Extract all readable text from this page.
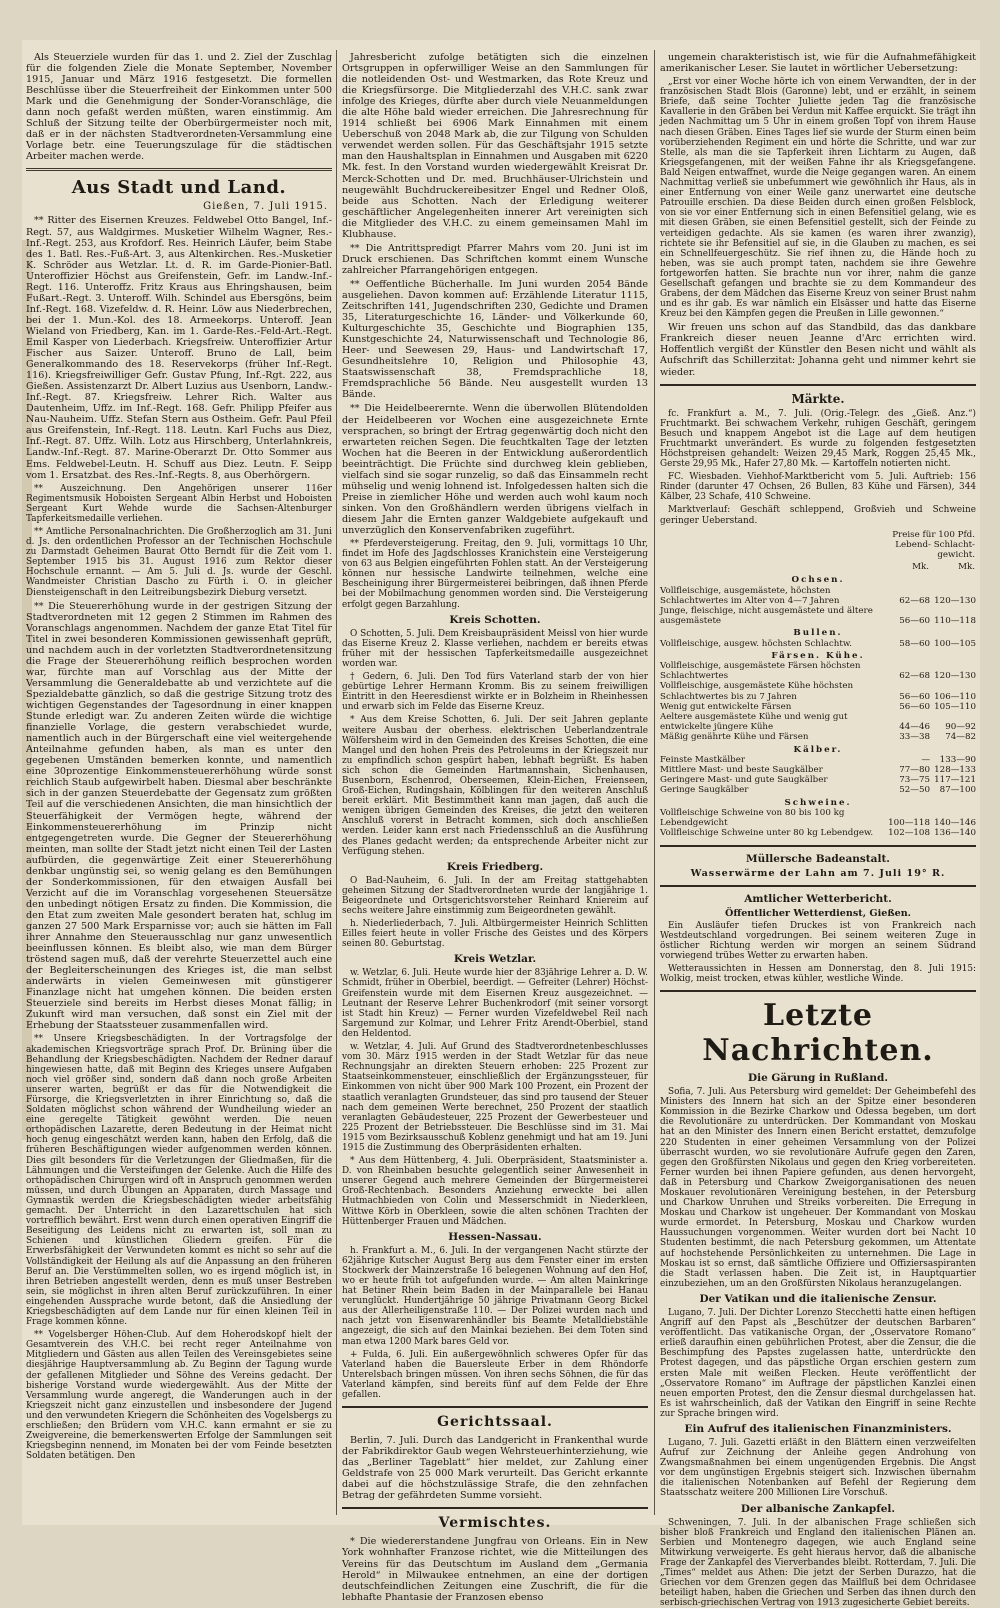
Als Steuerziele wurden für das 1. und 2. Ziel der Zuschlag für die folgenden Ziele die Monate September, November 1915, Januar und März 1916 festgesetzt. Die formellen Beschlüsse über die Steuerfreiheit der Einkommen unter 500 Mark und die Genehmigung der Sonder-Voranschläge, die dann noch gefaßt werden müßten, waren einstimmig. Am Schluß der Sitzung teilte der Oberbürgermeister noch mit, daß er in der nächsten Stadtverordneten-Versammlung eine Vorlage betr. eine Teuerungszulage für die städtischen Arbeiter machen werde.

Aus Stadt und Land.
Gießen, 7. Juli 1915.

** Ritter des Eisernen Kreuzes. Feldwebel Otto Bangel, Inf.-Regt. 57, aus Waldgirmes. Musketier Wilhelm Wagner, Res.-Inf.-Regt. 253, aus Krofdorf. Res. Heinrich Läufer, beim Stabe des 1. Batl. Res.-Fuß-Art. 3, aus Altenkirchen. Res.-Musketier K. Schröder aus Wetzlar. Lt. d. R. im Garde-Pionier-Batl. Unteroffizier Höchst aus Greifenstein, Gefr. im Landw.-Inf.-Regt. 116. Unteroffz. Fritz Kraus aus Ehringshausen, beim Fußart.-Regt. 3. Unteroff. Wilh. Schindel aus Ebersgöns, beim Inf.-Regt. 168. Vizefeldw. d. R. Heinr. Löw aus Niederbrechen, bei der 1. Mun.-Kol. des 18. Armeekorps. Unteroff. Jean Wieland von Friedberg, Kan. im 1. Garde-Res.-Feld-Art.-Regt. Emil Kasper von Liederbach. Kriegsfreiw. Unteroffizier Artur Fischer aus Saizer. Unteroff. Bruno de Lall, beim Generalkommando des 18. Reservekorps (früher Inf.-Regt. 116). Kriegsfreiwilliger Gefr. Gustav Pfung, Inf.-Rgt. 222, aus Gießen. Assistenzarzt Dr. Albert Luzius aus Usenborn, Landw.-Inf.-Regt. 87. Kriegsfreiw. Lehrer Rich. Walter aus Dautenheim, Uffz. im Inf.-Regt. 168. Gefr. Philipp Pfeifer aus Nau-Nauheim. Uffz. Stefan Stern aus Ostheim. Gefr. Paul Pfeil aus Greifenstein, Inf.-Regt. 118. Leutn. Karl Fuchs aus Diez, Inf.-Regt. 87. Uffz. Wilh. Lotz aus Hirschberg, Unterlahnkreis, Landw.-Inf.-Regt. 87. Marine-Oberarzt Dr. Otto Sommer aus Ems. Feldwebel-Leutn. H. Schuff aus Diez. Leutn. F. Seipp vom 1. Ersatzbat. des Res.-Inf.-Regts. 8, aus Oberhörgern.

** Auszeichnung. Den Angehörigen unserer 116er Regimentsmusik Hoboisten Sergeant Albin Herbst und Hoboisten Sergeant Kurt Wehde wurde die Sachsen-Altenburger Tapferkeitsmedaille verliehen.

** Amtliche Personalnachrichten. Die Großherzoglich am 31. Juni d. Js. den ordentlichen Professor an der Technischen Hochschule zu Darmstadt Geheimen Baurat Otto Berndt für die Zeit vom 1. September 1915 bis 31. August 1916 zum Rektor dieser Hochschule ernannt. — Am 5. Juli d. Js. wurde der Geschl. Wandmeister Christian Dascho zu Fürth i. O. in gleicher Diensteigenschaft in den Leitreibungsbezirk Dieburg versetzt.

** Die Steuererhöhung wurde in der gestrigen Sitzung der Stadtverordneten mit 12 gegen 2 Stimmen im Rahmen des Voranschlags angenommen. Nachdem der ganze Etat Titel für Titel in zwei besonderen Kommissionen gewissenhaft geprüft, und nachdem auch in der vorletzten Stadtverordnetensitzung die Frage der Steuererhöhung reiflich besprochen worden war, fürchte man auf Vorschlag aus der Mitte der Versammlung die Generaldebatte ab und verzichtete auf die Spezialdebatte gänzlich, so daß die gestrige Sitzung trotz des wichtigen Gegenstandes der Tagesordnung in einer knappen Stunde erledigt war. Zu anderen Zeiten würde die wichtige finanzielle Vorlage, die gestern verabschiedet wurde, namentlich auch in der Bürgerschaft eine viel weitergehende Anteilnahme gefunden haben, als man es unter den gegebenen Umständen bemerken konnte, und namentlich eine 30prozentige Einkommensteuererhöhung würde sonst reichlich Staub aufgewirbelt haben. Diesmal aber beschränkte sich in der ganzen Steuerdebatte der Gegensatz zum größten Teil auf die verschiedenen Ansichten, die man hinsichtlich der Steuerfähigkeit der Vermögen hegte, während der Einkommensteuererhöhung im Prinzip nicht entgegengetreten wurde. Die Gegner der Steuererhöhung meinten, man sollte der Stadt jetzt nicht einen Teil der Lasten aufbürden, die gegenwärtige Zeit einer Steuererhöhung denkbar ungünstig sei, so wenig gelang es den Bemühungen der Sonderkommissionen, für den etwaigen Ausfall bei Verzicht auf die im Voranschlag vorgesehenen Steuersätze den unbedingt nötigen Ersatz zu finden. Die Kommission, die den Etat zum zweiten Male gesondert beraten hat, schlug im ganzen 27 500 Mark Ersparnisse vor; auch sie hätten im Fall ihrer Annahme den Steuerausschlag nur ganz unwesentlich beeinflussen können. Es bleibt also, wie man dem Bürger tröstend sagen muß, daß der verehrte Steuerzettel auch eine der Begleiterscheinungen des Krieges ist, die man selbst anderwärts in vielen Gemeinwesen mit günstigerer Finanzlage nicht hat umgehen können. Die beiden ersten Steuerziele sind bereits im Herbst dieses Monat fällig; in Zukunft wird man versuchen, daß sonst ein Ziel mit der Erhebung der Staatssteuer zusammenfallen wird.

** Unsere Kriegsbeschädigten. In der Vortragsfolge der akademischen Kriegsvorträge sprach Prof. Dr. Brüning über die Behandlung der Kriegsbeschädigten. Nachdem der Redner darauf hingewiesen hatte, daß mit Beginn des Krieges unsere Aufgaben noch viel größer sind, sondern daß dann noch große Arbeiten unserer warten, begrüßt er das für die Notwendigkeit die Fürsorge, die Kriegsverletzten in ihrer Einrichtung so, daß die Soldaten möglichst schon während der Wundheilung wieder an eine geregelte Tätigkeit gewöhnt werden. Die neuen orthopädischen Lazarette, deren Bedeutung in der Heimat nicht hoch genug eingeschätzt werden kann, haben den Erfolg, daß die früheren Beschäftigungen wieder aufgenommen werden können. Dies gilt besonders für die Verletzungen der Gliedmaßen, für die Lähmungen und die Versteifungen der Gelenke. Auch die Hilfe des orthopädischen Chirurgen wird oft in Anspruch genommen werden müssen, und durch Übungen an Apparaten, durch Massage und Gymnastik werden die Kriegsbeschädigten wieder arbeitsfähig gemacht. Der Unterricht in den Lazarettschulen hat sich vortrefflich bewährt. Erst wenn durch einen operativen Eingriff die Beseitigung des Leidens nicht zu erwarten ist, soll man zu Schienen und künstlichen Gliedern greifen. Für die Erwerbsfähigkeit der Verwundeten kommt es nicht so sehr auf die Vollständigkeit der Heilung als auf die Anpassung an den früheren Beruf an. Die Verstümmelten sollen, wo es irgend möglich ist, in ihren Betrieben angestellt werden, denn es muß unser Bestreben sein, sie möglichst in ihren alten Beruf zurückzuführen. In einer eingehenden Aussprache wurde betont, daß die Ansiedlung der Kriegsbeschädigten auf dem Lande nur für einen kleinen Teil in Frage kommen könne.

** Vogelsberger Höhen-Club. Auf dem Hoherodskopf hielt der Gesamtverein des V.H.C. bei recht reger Anteilnahme von Mitgliedern und Gästen aus allen Teilen des Vereinsgebietes seine diesjährige Hauptversammlung ab. Zu Beginn der Tagung wurde der gefallenen Mitglieder und Söhne des Vereins gedacht. Der bisherige Vorstand wurde wiedergewählt. Aus der Mitte der Versammlung wurde angeregt, die Wanderungen auch in der Kriegszeit nicht ganz einzustellen und insbesondere der Jugend und den verwundeten Kriegern die Schönheiten des Vogelsbergs zu erschließen; den Brüdern vom V.H.C. kann ermahnt er sie zu Zweigvereine, die bemerkenswerten Erfolge der Sammlungen seit Kriegsbeginn nennend, im Monaten bei der vom Feinde besetzten Soldaten betätigen. Den

Jahresbericht zufolge betätigten sich die einzelnen Ortsgruppen in opferwilliger Weise an den Sammlungen für die notleidenden Ost- und Westmarken, das Rote Kreuz und die Kriegsfürsorge. Die Mitgliederzahl des V.H.C. sank zwar infolge des Krieges, dürfte aber durch viele Neuanmeldungen die alte Höhe bald wieder erreichen. Die Jahresrechnung für 1914 schließt bei 6906 Mark Einnahmen mit einem Ueberschuß von 2048 Mark ab, die zur Tilgung von Schulden verwendet werden sollen. Für das Geschäftsjahr 1915 setzte man den Haushaltsplan in Einnahmen und Ausgaben mit 6220 Mk. fest. In den Vorstand wurden wiedergewählt Kreisrat Dr. Merck-Schotten und Dr. med. Bruchhäuser-Ulrichstein und neugewählt Buchdruckereibesitzer Engel und Redner Oloß, beide aus Schotten. Nach der Erledigung weiterer geschäftlicher Angelegenheiten innerer Art vereinigten sich die Mitglieder des V.H.C. zu einem gemeinsamen Mahl im Klubhause.

** Die Antrittspredigt Pfarrer Mahrs vom 20. Juni ist im Druck erschienen. Das Schriftchen kommt einem Wunsche zahlreicher Pfarrangehörigen entgegen.

** Oeffentliche Bücherhalle. Im Juni wurden 2054 Bände ausgeliehen. Davon kommen auf: Erzählende Literatur 1115, Zeitschriften 141, Jugendschriften 230, Gedichte und Dramen 35, Literaturgeschichte 16, Länder- und Völkerkunde 60, Kulturgeschichte 35, Geschichte und Biographien 135, Kunstgeschichte 24, Naturwissenschaft und Technologie 86, Heer- und Seewesen 29, Haus- und Landwirtschaft 17, Gesundheitslehre 10, Religion und Philosophie 43, Staatswissenschaft 38, Fremdsprachliche 18, Fremdsprachliche 56 Bände. Neu ausgestellt wurden 13 Bände.

** Die Heidelbeerernte. Wenn die überwollen Blütendolden der Heidelbeeren vor Wochen eine ausgezeichnete Ernte versprachen, so bringt der Ertrag gegenwärtig doch nicht den erwarteten reichen Segen. Die feuchtkalten Tage der letzten Wochen hat die Beeren in der Entwicklung außerordentlich beeinträchtigt. Die Früchte sind durchweg klein geblieben, vielfach sind sie sogar runzelig, so daß das Einsammeln recht mühselig und wenig lohnend ist. Infolgedessen halten sich die Preise in ziemlicher Höhe und werden auch wohl kaum noch sinken. Von den Großhändlern werden übrigens vielfach in diesem Jahr die Ernten ganzer Waldgebiete aufgekauft und unverzüglich den Konservenfabriken zugeführt.

** Pferdeversteigerung. Freitag, den 9. Juli, vormittags 10 Uhr, findet im Hofe des Jagdschlosses Kranichstein eine Versteigerung von 63 aus Belgien eingeführten Fohlen statt. An der Versteigerung können nur hessische Landwirte teilnehmen, welche eine Bescheinigung ihrer Bürgermeisterei beibringen, daß ihnen Pferde bei der Mobilmachung genommen worden sind. Die Versteigerung erfolgt gegen Barzahlung.

Kreis Schotten.

O Schotten, 5. Juli. Dem Kreisbaupräsident Meissl von hier wurde das Eiserne Kreuz 2. Klasse verliehen, nachdem er bereits etwas früher mit der hessischen Tapferkeitsmedaille ausgezeichnet worden war.

† Gedern, 6. Juli. Den Tod fürs Vaterland starb der von hier gebürtige Lehrer Hermann Kromm. Bis zu seinem freiwilligen Eintritt in den Heeresdienst wirkte er in Bolzheim in Rheinhessen und erwarb sich im Felde das Eiserne Kreuz.

* Aus dem Kreise Schotten, 6. Juli. Der seit Jahren geplante weitere Ausbau der oberhess. elektrischen Ueberlandzentrale Wölfersheim wird in den Gemeinden des Kreises Schotten, die eine Mangel und den hohen Preis des Petroleums in der Kriegszeit nur zu empfindlich schon gespürt haben, lebhaft begrüßt. Es haben sich schon die Gemeinden Hartmannshain, Sichenhausen, Busenborn, Eschenrod, Oberseemen, Klein-Eichen, Freienseen, Groß-Eichen, Rudingshain, Kölblingen für den weiteren Anschluß bereit erklärt. Mit Bestimmtheit kann man jagen, daß auch die wenigen übrigen Gemeinden des Kreises, die jetzt den weiteren Anschluß vorerst in Betracht kommen, sich doch anschließen werden. Leider kann erst nach Friedensschluß an die Ausführung des Planes gedacht werden; da entsprechende Arbeiter nicht zur Verfügung stehen.

Kreis Friedberg.

O Bad-Nauheim, 6. Juli. In der am Freitag stattgehabten geheimen Sitzung der Stadtverordneten wurde der langjährige 1. Beigeordnete und Ortsgerichtsvorsteher Reinhard Kniereim auf sechs weitere Jahre einstimmig zum Beigeordneten gewählt.

h. Niederliederbach, 7. Juli. Altbürgermeister Heinrich Schlitten Eilles feiert heute in voller Frische des Geistes und des Körpers seinen 80. Geburtstag.

Kreis Wetzlar.

w. Wetzlar, 6. Juli. Heute wurde hier der 83jährige Lehrer a. D. W. Schmidt, früher in Oberbiel, beerdigt. — Gefreiter (Lehrer) Höchst-Greifenstein wurde mit dem Eisernen Kreuz ausgezeichnet. — Leutnant der Reserve Lehrer Buchenkrodorf (mit seiner vorsorgt ist Stadt hin Kreuz) — Ferner wurden Vizefeldwebel Reil nach Sargemund zur Kolmar, und Lehrer Fritz Arendt-Oberbiel, stand den Heldentod.

w. Wetzlar, 4. Juli. Auf Grund des Stadtverordnetenbeschlusses vom 30. März 1915 werden in der Stadt Wetzlar für das neue Rechnungsjahr an direkten Steuern erhoben: 225 Prozent zur Staatseinkommensteuer, einschließlich der Ergänzungssteuer, für Einkommen von nicht über 900 Mark 100 Prozent, ein Prozent der staatlich veranlagten Grundsteuer, das sind pro tausend der Steuer nach dem gemeinen Werte berechnet, 250 Prozent der staatlich veranlagten Gebäudesteuer, 225 Prozent der Gewerbesteuer und 225 Prozent der Betriebssteuer. Die Beschlüsse sind im 31. Mai 1915 vom Bezirksausschuß Koblenz genehmigt und hat am 19. Juni 1915 die Zustimmung des Oberpräsidenten erhalten.

* Aus dem Hüttenberg, 4. Juli. Oberpräsident, Staatsminister a. D. von Rheinbaben besuchte gelegentlich seiner Anwesenheit in unserer Gegend auch mehrere Gemeinden der Bürgermeisterei Groß-Rechtenbach. Besonders Anziehung erweckte bei allen Hutmachbieden von Colin und Messerschmidt in Niederkleen, Wittwe Körb in Oberkleen, sowie die alten schönen Trachten der Hüttenberger Frauen und Mädchen.

Hessen-Nassau.

h. Frankfurt a. M., 6. Juli. In der vergangenen Nacht stürzte der 62jährige Kutscher August Berg aus dem Fenster einer im ersten Stockwerk der Mainzerstraße 16 belegenen Wohnung auf den Hof, wo er heute früh tot aufgefunden wurde. — Am alten Mainkringe hat Betiner Rhein beim Baden in der Mainparallele bei Hanau verunglückt. Hundertjährige 50 jährige Privatmann Georg Bickel aus der Allerheiligenstraße 110. — Der Polizei wurden nach und nach jetzt von Eisenwarenhändler bis Beamte Metalldiebstähle angezeigt, die sich auf den Mainkai beziehen. Bei dem Toten sind man etwa 1200 Mark bares Geld vor.

+ Fulda, 6. Juli. Ein außergewöhnlich schweres Opfer für das Vaterland haben die Bauersleute Erber in dem Rhöndorfe Unterelsbach bringen müssen. Von ihren sechs Söhnen, die für das Vaterland kämpfen, sind bereits fünf auf dem Felde der Ehre gefallen.

Gerichtssaal.

Berlin, 7. Juli. Durch das Landgericht in Frankenthal wurde der Fabrikdirektor Gaub wegen Wehrsteuerhinterziehung, wie das „Berliner Tageblatt“ hier meldet, zur Zahlung einer Geldstrafe von 25 000 Mark verurteilt. Das Gericht erkannte dabei auf die höchstzulässige Strafe, die den zehnfachen Betrag der gefährdeten Summe vorsieht.

Vermischtes.

* Die wiedererstandene Jungfrau von Orleans. Ein in New York wohnhafter Franzose richtet, wie die Mitteilungen des Vereins für das Deutschtum im Ausland dem „Germania Herold“ in Milwaukee entnehmen, an eine der dortigen deutschfeindlichen Zeitungen eine Zuschrift, die für die lebhafte Phantasie der Franzosen ebenso

ungemein charakteristisch ist, wie für die Aufnahmefähigkeit amerikanischer Leser. Sie lautet in wörtlicher Uebersetzung:

„Erst vor einer Woche hörte ich von einem Verwandten, der in der französischen Stadt Blois (Garonne) lebt, und er erzählt, in seinem Briefe, daß seine Tochter Juliette jeden Tag die französische Kavallerie in den Gräben bei Verdun mit Kaffee erquickt. Sie trägt ihn jeden Nachmittag um 5 Uhr in einem großen Topf von ihrem Hause nach diesen Gräben. Eines Tages lief sie wurde der Sturm einen beim vorüberziehenden Regiment ein und hörte die Schritte, und war zur Stelle, als man die sie Tapferkeit ihren Lichtarm zu Augen, daß Kriegsgefangenen, mit der weißen Fahne ihr als Kriegsgefangene. Bald Neigen entwaffnet, wurde die Neige gegangen waren. An einem Nachmittag verließ sie unbefummert wie gewöhnlich ihr Haus, als in einer Entfernung von einer Weile ganz unerwartet eine deutsche Patrouille erschien. Da diese Beiden durch einen großen Felsblock, von sie vor einer Entfernung sich in einen Befensitiel gelang, wie es mit diesen Gräben, sie einen Befensitiel gestellt, sich der Feinde zu verteidigen gedachte. Als sie kamen (es waren ihrer zwanzig), richtete sie ihr Befensitiel auf sie, in die Glauben zu machen, es sei ein Schnellfeuergeschütz. Sie rief ihnen zu, die Hände hoch zu heben, was sie auch prompt taten, nachdem sie ihre Gewehre fortgeworfen hatten. Sie brachte nun vor ihrer, nahm die ganze Gesellschaft gefangen und brachte sie zu dem Kommandeur des Grabens, der dem Mädchen das Eiserne Kreuz von seiner Brust nahm und es ihr gab. Es war nämlich ein Elsässer und hatte das Eiserne Kreuz bei den Kämpfen gegen die Preußen in Lille gewonnen.“

Wir freuen uns schon auf das Standbild, das das dankbare Frankreich dieser neuen Jeanne d'Arc errichten wird. Hoffentlich vergißt der Künstler den Besen nicht und wählt als Aufschrift das Schillerzitat: Johanna geht und nimmer kehrt sie wieder.

Märkte.

fc. Frankfurt a. M., 7. Juli. (Orig.-Telegr. des „Gieß. Anz.“) Fruchtmarkt. Bei schwachem Verkehr, ruhigen Geschäft, geringem Besuch und knappem Angebot ist die Lage auf dem heutigen Fruchtmarkt unverändert. Es wurde zu folgenden festgesetzten Höchstpreisen gehandelt: Weizen 29,45 Mark, Roggen 25,45 Mk., Gerste 29,95 Mk., Hafer 27,80 Mk. — Kartoffeln notierten nicht.

FC. Wiesbaden. Viehhof-Marktbericht vom 5. Juli. Auftrieb: 156 Rinder (darunter 47 Ochsen, 26 Bullen, 83 Kühe und Färsen), 344 Kälber, 23 Schafe, 410 Schweine.

Marktverlauf: Geschäft schleppend, Großvieh und Schweine geringer Ueberstand.

	Preise für 100 Pfd. Lebend- Schlacht- gewicht.	
	Mk.	Mk.
Ochsen.		
Vollfleischige, ausgemästete, höchsten Schlachtwertes im Alter von 4—7 Jahren	62—68	120—130
Junge, fleischige, nicht ausgemästete und ältere ausgemästete	56—60	110—118
Bullen.		
Vollfleischige, ausgew. höchsten Schlachtw.	58—60	100—105
Färsen. Kühe.		
Vollfleischige, ausgemästete Färsen höchsten Schlachtwertes	62—68	120—130
Vollfleischige, ausgemästete Kühe höchsten Schlachtwertes bis zu 7 Jahren	56—60	106—110
Wenig gut entwickelte Färsen	56—60	105—110
Aeltere ausgemästete Kühe und wenig gut entwickelte jüngere Kühe	44—46	90—92
Mäßig genährte Kühe und Färsen	33—38	74—82
Kälber.		
Feinste Mastkälber	—	133—90
Mittlere Mast- und beste Saugkälber	77—80	128—133
Geringere Mast- und gute Saugkälber	73—75	117—121
Geringe Saugkälber	52—50	87—100
Schweine.		
Vollfleischige Schweine von 80 bis 100 kg Lebendgewicht	100—118	140—146
Vollfleischige Schweine unter 80 kg Lebendgew.	102—108	136—140
Müllersche Badeanstalt.
Wasserwärme der Lahn am 7. Juli 19° R.
Amtlicher Wetterbericht.
Öffentlicher Wetterdienst, Gießen.

Ein Ausläufer tiefen Druckes ist von Frankreich nach Westdeutschland vorgedrungen. Bei seinem weiteren Zuge in östlicher Richtung werden wir morgen an seinem Südrand vorwiegend trübes Wetter zu erwarten haben.

Wetteraussichten in Hessen am Donnerstag, den 8. Juli 1915: Wolkig, meist trocken, etwas kühler, westliche Winde.

Letzte Nachrichten.
Die Gärung in Rußland.

Sofia, 7. Juli. Aus Petersburg wird gemeldet: Der Geheimbefehl des Ministers des Innern hat sich an der Spitze einer besonderen Kommission in die Bezirke Charkow und Odessa begeben, um dort die Revolutionäre zu unterdrücken. Der Kommandant von Moskau hat an den Minister des Innern einen Bericht erstattet, demzufolge 220 Studenten in einer geheimen Versammlung von der Polizei überrascht wurden, wo sie revolutionäre Aufrufe gegen den Zaren, gegen den Großfürsten Nikolaus und gegen den Krieg vorbereiteten. Ferner wurden bei ihnen Papiere gefunden, aus denen hervorgeht, daß in Petersburg und Charkow Zweigorganisationen des neuen Moskauer revolutionären Vereinigung bestehen, in der Petersburg und Charkow Unruhen und Streiks vorbereiten. Die Erregung in Moskau und Charkow ist ungeheuer. Der Kommandant von Moskau wurde ermordet. In Petersburg, Moskau und Charkow wurden Haussuchungen vorgenommen. Weiter wurden dort bei Nacht 10 Studenten bestimmt, die nach Petersburg gekommen, um Attentate auf hochstehende Persönlichkeiten zu unternehmen. Die Lage in Moskau ist so ernst, daß sämtliche Offiziere und Offiziersaspiranten die Stadt verlassen haben. Die Zeit ist, in Hauptquartier einzubeziehen, um an den Großfürsten Nikolaus heranzugelangen.

Der Vatikan und die italienische Zensur.

Lugano, 7. Juli. Der Dichter Lorenzo Stecchetti hatte einen heftigen Angriff auf den Papst als „Beschützer der deutschen Barbaren“ veröffentlicht. Das vatikanische Organ, der „Osservatore Romano“ erließ daraufhin einen gebührlichen Protest, aber die Zensur, die die Beschimpfung des Papstes zugelassen hatte, unterdrückte den Protest dagegen, und das päpstliche Organ erschien gestern zum ersten Male mit weißen Flecken. Heute veröffentlicht der „Osservatore Romano“ im Auftrage der päpstlichen Kanzlei einen neuen emporten Protest, den die Zensur diesmal durchgelassen hat. Es ist wahrscheinlich, daß der Vatikan den Eingriff in seine Rechte zur Sprache bringen wird.

Ein Aufruf des italienischen Finanzministers.

Lugano, 7. Juli. Gazetti erläßt in den Blättern einen verzweifelten Aufruf zur Zeichnung der Anleihe gegen Androhung von Zwangsmaßnahmen bei einem ungenügenden Ergebnis. Die Angst vor dem ungünstigen Ergebnis steigert sich. Inzwischen übernahm die italienischen Notenbanken auf Befehl der Regierung dem Staatsschatz weitere 200 Millionen Lire Vorschuß.

Der albanische Zankapfel.

Schweningen, 7. Juli. In der albanischen Frage schließen sich bisher bloß Frankreich und England den italienischen Plänen an. Serbien und Montenegro dagegen, wie auch England seine Mitwirkung verweigerte. Es geht hieraus hervor, daß die albanische Frage der Zankapfel des Vierverbandes bleibt. Rotterdam, 7. Juli. Die „Times“ meldet aus Athen: Die jetzt der Serben Durazzo, hat die Griechen vor dem Grenzen gegen das Mailfluß bei dem Ochridasee beteiligt haben, haben die Griechen und Serben das ihnen durch den serbisch-griechischen Vertrag von 1913 zugesicherte Gebiet bereits.
